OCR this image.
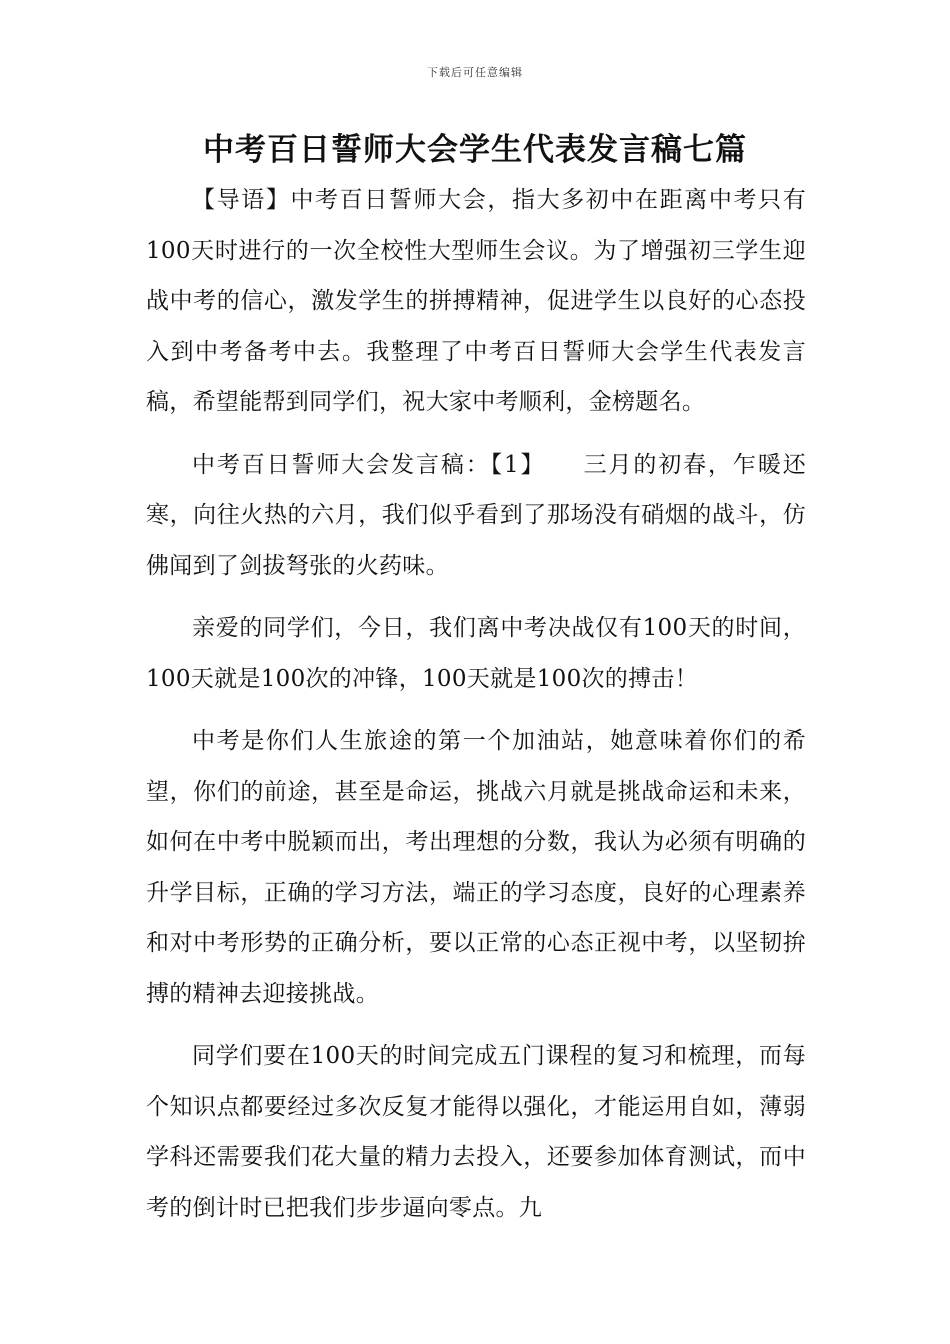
下载后可任意编辑
中考百日誓师大会学生代表发言稿七篇

【导语】中考百日誓师大会，指大多初中在距离中考只有100天时进行的一次全校性大型师生会议。为了增强初三学生迎战中考的信心，激发学生的拼搏精神，促进学生以良好的心态投入到中考备考中去。我整理了中考百日誓师大会学生代表发言稿，希望能帮到同学们，祝大家中考顺利，金榜题名。

中考百日誓师大会发言稿：【1】　　三月的初春，乍暖还寒，向往火热的六月，我们似乎看到了那场没有硝烟的战斗，仿佛闻到了剑拔弩张的火药味。

亲爱的同学们，今日，我们离中考决战仅有100天的时间，100天就是100次的冲锋，100天就是100次的搏击！

中考是你们人生旅途的第一个加油站，她意味着你们的希望，你们的前途，甚至是命运，挑战六月就是挑战命运和未来，如何在中考中脱颖而出，考出理想的分数，我认为必须有明确的升学目标，正确的学习方法，端正的学习态度，良好的心理素养和对中考形势的正确分析，要以正常的心态正视中考，以坚韧拚搏的精神去迎接挑战。

同学们要在100天的时间完成五门课程的复习和梳理，而每个知识点都要经过多次反复才能得以强化，才能运用自如，薄弱学科还需要我们花大量的精力去投入，还要参加体育测试，而中考的倒计时已把我们步步逼向零点。九
